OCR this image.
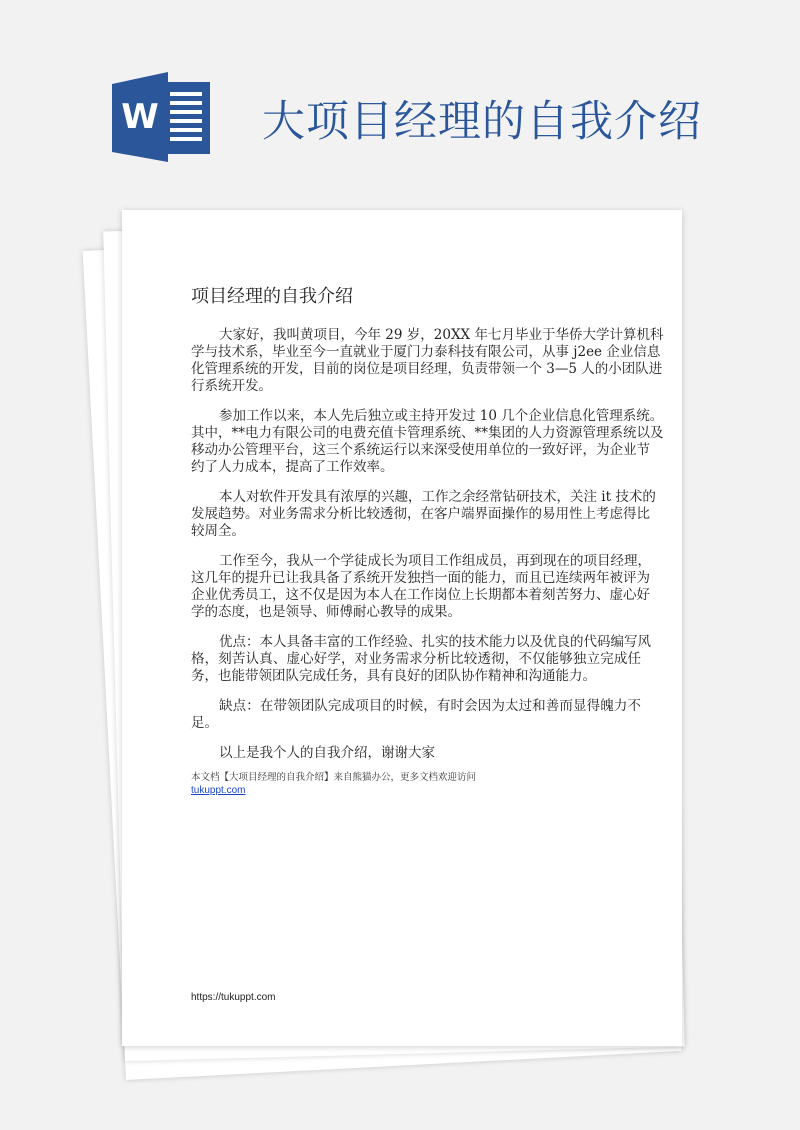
W 大项目经理的自我介绍
项目经理的自我介绍
大家好，我叫黄项目，今年 29 岁，20XX 年七月毕业于华侨大学计算机科
学与技术系，毕业至今一直就业于厦门力泰科技有限公司，从事 j2ee 企业信息
化管理系统的开发，目前的岗位是项目经理，负责带领一个 3—5 人的小团队进
行系统开发。
参加工作以来，本人先后独立或主持开发过 10 几个企业信息化管理系统。
其中，**电力有限公司的电费充值卡管理系统、**集团的人力资源管理系统以及
移动办公管理平台，这三个系统运行以来深受使用单位的一致好评，为企业节
约了人力成本，提高了工作效率。
本人对软件开发具有浓厚的兴趣，工作之余经常钻研技术，关注 it 技术的
发展趋势。对业务需求分析比较透彻，在客户端界面操作的易用性上考虑得比
较周全。
工作至今，我从一个学徒成长为项目工作组成员，再到现在的项目经理，
这几年的提升已让我具备了系统开发独挡一面的能力，而且已连续两年被评为
企业优秀员工，这不仅是因为本人在工作岗位上长期都本着刻苦努力、虚心好
学的态度，也是领导、师傅耐心教导的成果。
优点：本人具备丰富的工作经验、扎实的技术能力以及优良的代码编写风
格，刻苦认真、虚心好学，对业务需求分析比较透彻，不仅能够独立完成任
务，也能带领团队完成任务，具有良好的团队协作精神和沟通能力。
缺点：在带领团队完成项目的时候，有时会因为太过和善而显得魄力不
足。
以上是我个人的自我介绍，谢谢大家
本文档【大项目经理的自我介绍】来自熊猫办公，更多文档欢迎访问
tukuppt.com
https://tukuppt.com
